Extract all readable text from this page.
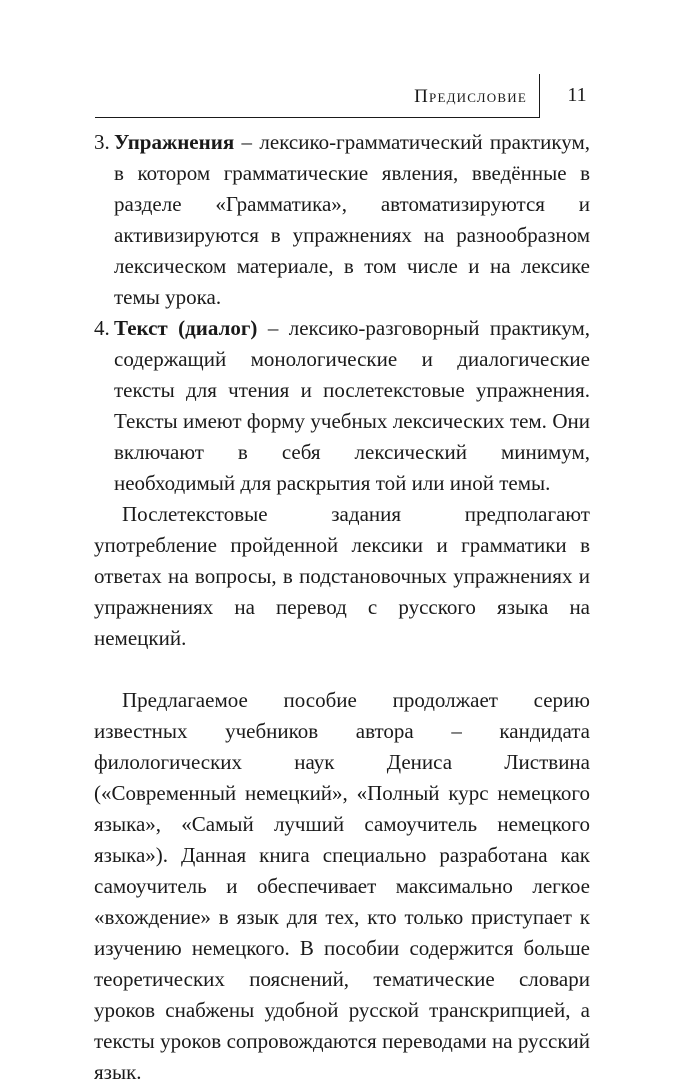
Предисловие	11
3. Упражнения – лексико-грамматический практикум, в котором грамматические явления, введённые в разделе «Грамматика», автоматизируются и активизируются в упражнениях на разнообразном лексическом материале, в том числе и на лексике темы урока.
4. Текст (диалог) – лексико-разговорный практикум, содержащий монологические и диалогические тексты для чтения и послетекстовые упражнения. Тексты имеют форму учебных лексических тем. Они включают в себя лексический минимум, необходимый для раскрытия той или иной темы.

Послетекстовые задания предполагают употребление пройденной лексики и грамматики в ответах на вопросы, в подстановочных упражнениях и упражнениях на перевод с русского языка на немецкий.

Предлагаемое пособие продолжает серию известных учебников автора – кандидата филологических наук Дениса Листвина («Современный немецкий», «Полный курс немецкого языка», «Самый лучший самоучитель немецкого языка»). Данная книга специально разработана как самоучитель и обеспечивает максимально легкое «вхождение» в язык для тех, кто только приступает к изучению немецкого. В пособии содержится больше теоретических пояснений, тематические словари уроков снабжены удобной русской транскрипцией, а тексты уроков сопровождаются переводами на русский язык.
